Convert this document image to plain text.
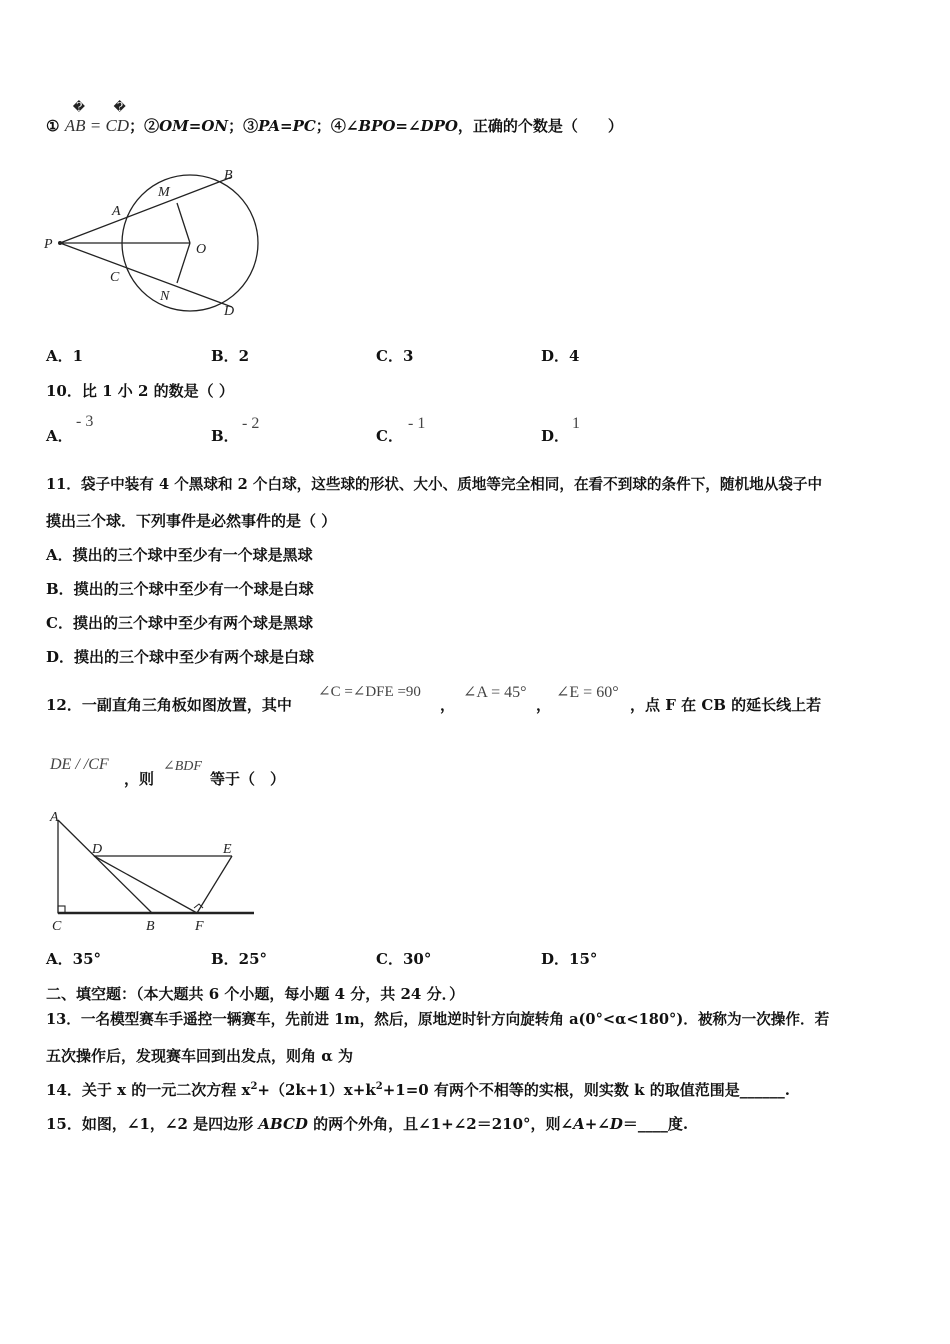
① � AB = � CD；②OM=ON；③PA=PC；④∠BPO=∠DPO，正确的个数是（　　）
P
A
M
B
O
C
N
D
A．1	B．2	C．3	D．4
10．比 1 小 2 的数是（ ）
A．
- 3
B．
- 2
C．
- 1
D．
1
11．袋子中装有 4 个黑球和 2 个白球，这些球的形状、大小、质地等完全相同，在看不到球的条件下，随机地从袋子中
摸出三个球．下列事件是必然事件的是（ ）
A．摸出的三个球中至少有一个球是黑球
B．摸出的三个球中至少有一个球是白球
C．摸出的三个球中至少有两个球是黑球
D．摸出的三个球中至少有两个球是白球
12．一副直角三角板如图放置，其中
∠C =∠DFE =90
，
∠A = 45°
，
∠E = 60°
，点 F 在 CB 的延长线上若
DE / /CF
，则
∠BDF
等于（　）
A
D	E
C	B	F
A．35°	B．25°	C．30°	D．15°
二、填空题：（本大题共 6 个小题，每小题 4 分，共 24 分．）
13．一名模型赛车手遥控一辆赛车，先前进 1m，然后，原地逆时针方向旋转角 a(0°<α<180°)．被称为一次操作．若
五次操作后，发现赛车回到出发点，则角 α 为
14．关于 x 的一元二次方程 $x^2+(2k+1)x+k^2+1=0$ 有两个不相等的实根，则实数 k 的取值范围是______.
15．如图，∠1，∠2 是四边形 ABCD 的两个外角，且∠1+∠2＝210°，则∠A+∠D＝____度.
